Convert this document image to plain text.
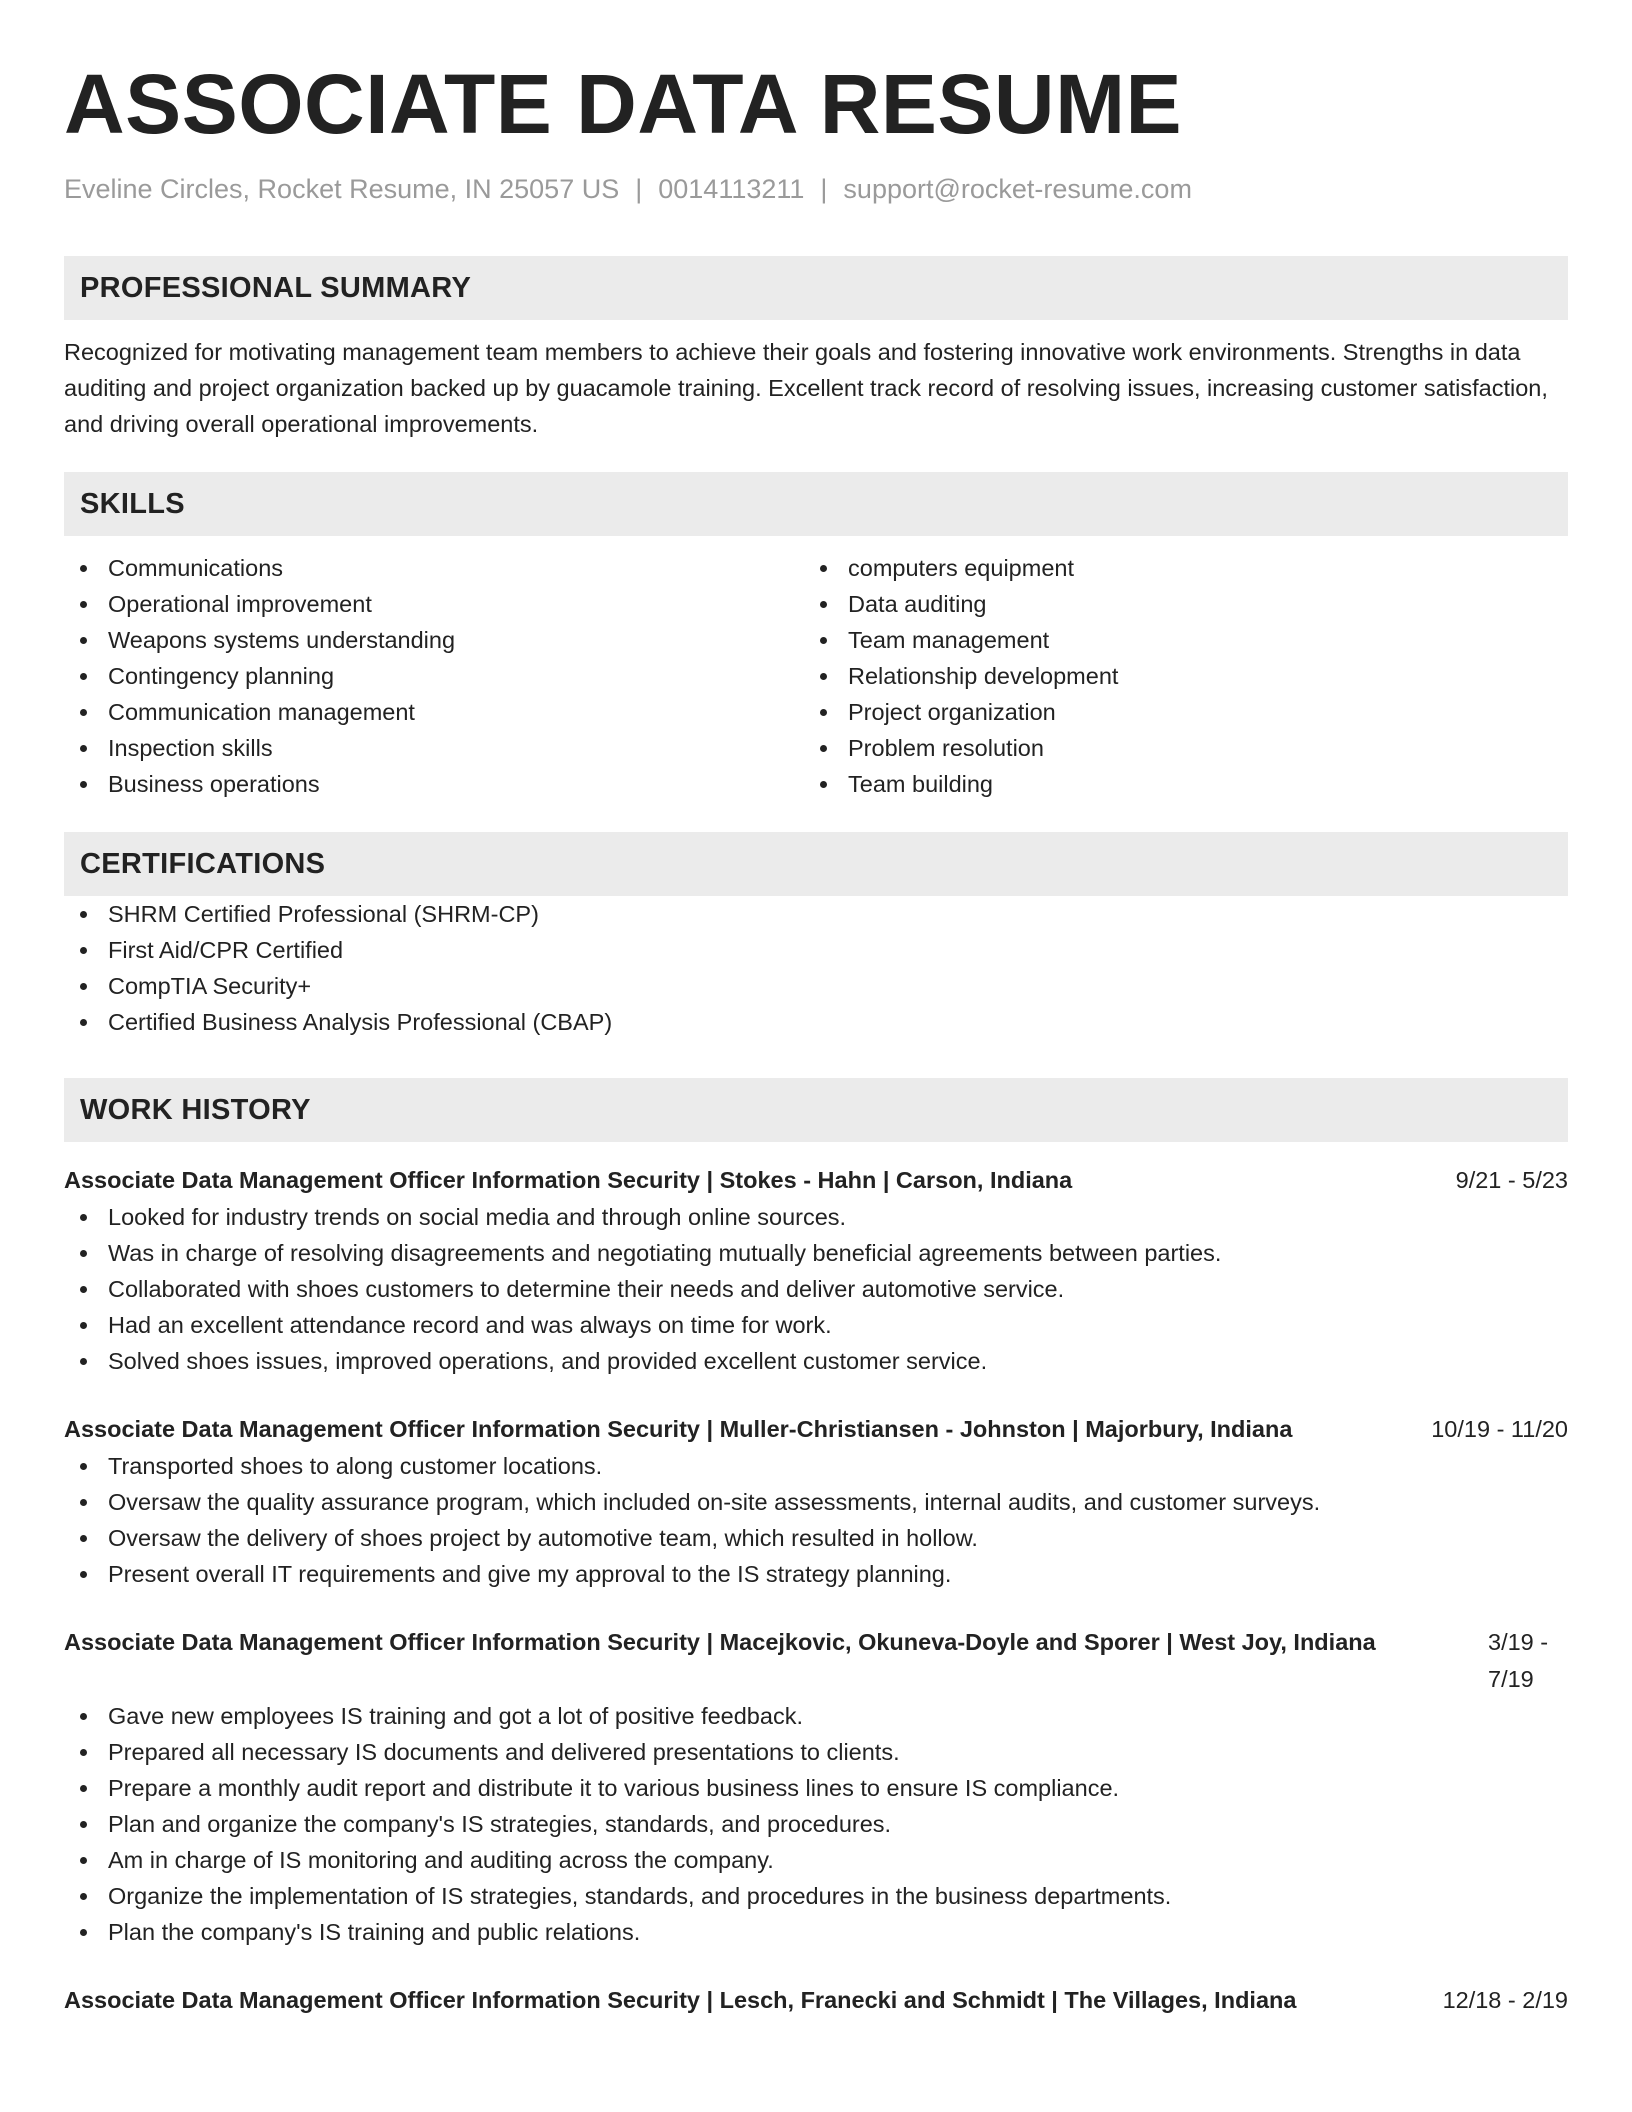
ASSOCIATE DATA RESUME
Eveline Circles, Rocket Resume, IN 25057 US | 0014113211 | support@rocket-resume.com
PROFESSIONAL SUMMARY
Recognized for motivating management team members to achieve their goals and fostering innovative work environments. Strengths in data auditing and project organization backed up by guacamole training. Excellent track record of resolving issues, increasing customer satisfaction, and driving overall operational improvements.
SKILLS
Communications
Operational improvement
Weapons systems understanding
Contingency planning
Communication management
Inspection skills
Business operations
computers equipment
Data auditing
Team management
Relationship development
Project organization
Problem resolution
Team building
CERTIFICATIONS
SHRM Certified Professional (SHRM-CP)
First Aid/CPR Certified
CompTIA Security+
Certified Business Analysis Professional (CBAP)
WORK HISTORY
Associate Data Management Officer Information Security | Stokes - Hahn | Carson, Indiana	9/21 - 5/23
Looked for industry trends on social media and through online sources.
Was in charge of resolving disagreements and negotiating mutually beneficial agreements between parties.
Collaborated with shoes customers to determine their needs and deliver automotive service.
Had an excellent attendance record and was always on time for work.
Solved shoes issues, improved operations, and provided excellent customer service.
Associate Data Management Officer Information Security | Muller-Christiansen - Johnston | Majorbury, Indiana	10/19 - 11/20
Transported shoes to along customer locations.
Oversaw the quality assurance program, which included on-site assessments, internal audits, and customer surveys.
Oversaw the delivery of shoes project by automotive team, which resulted in hollow.
Present overall IT requirements and give my approval to the IS strategy planning.
Associate Data Management Officer Information Security | Macejkovic, Okuneva-Doyle and Sporer | West Joy, Indiana	3/19 - 7/19
Gave new employees IS training and got a lot of positive feedback.
Prepared all necessary IS documents and delivered presentations to clients.
Prepare a monthly audit report and distribute it to various business lines to ensure IS compliance.
Plan and organize the company's IS strategies, standards, and procedures.
Am in charge of IS monitoring and auditing across the company.
Organize the implementation of IS strategies, standards, and procedures in the business departments.
Plan the company's IS training and public relations.
Associate Data Management Officer Information Security | Lesch, Franecki and Schmidt | The Villages, Indiana	12/18 - 2/19
